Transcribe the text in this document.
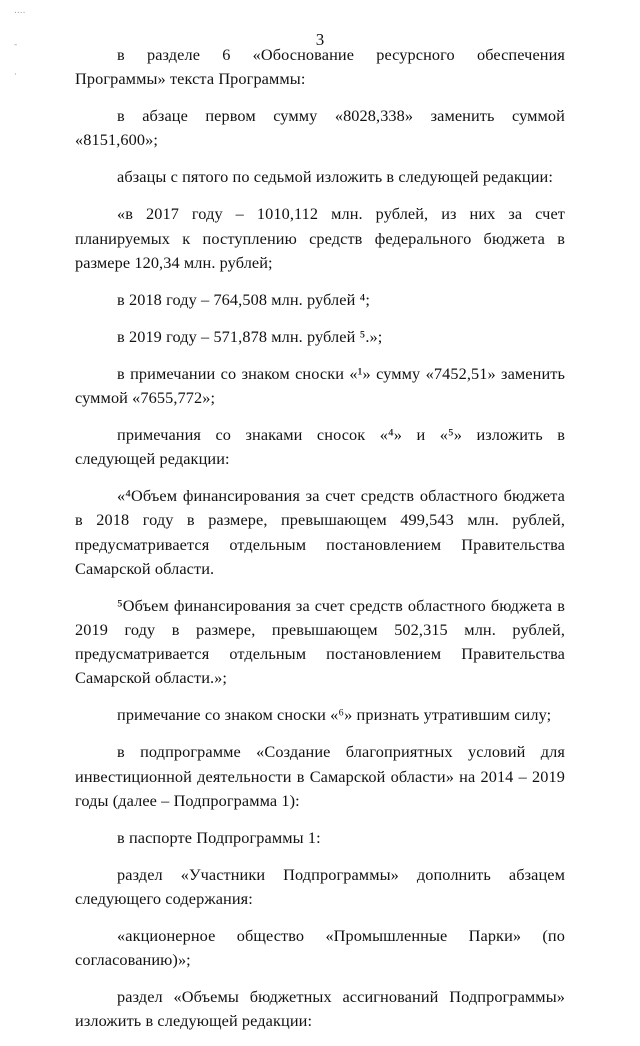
....
-
·
3

в разделе 6 «Обоснование ресурсного обеспечения Программы» текста Программы:

в абзаце первом сумму «8028,338» заменить суммой «8151,600»;

абзацы с пятого по седьмой изложить в следующей редакции:

«в 2017 году – 1010,112 млн. рублей, из них за счет планируемых к поступлению средств федерального бюджета в размере 120,34 млн. рублей;

в 2018 году – 764,508 млн. рублей ⁴;

в 2019 году – 571,878 млн. рублей ⁵.»;

в примечании со знаком сноски «¹» сумму «7452,51» заменить суммой «7655,772»;

примечания со знаками сносок «⁴» и «⁵» изложить в следующей редакции:

«⁴Объем финансирования за счет средств областного бюджета в 2018 году в размере, превышающем 499,543 млн. рублей, предусматривается отдельным постановлением Правительства Самарской области.

⁵Объем финансирования за счет средств областного бюджета в 2019 году в размере, превышающем 502,315 млн. рублей, предусматривается отдельным постановлением Правительства Самарской области.»;

примечание со знаком сноски «⁶» признать утратившим силу;

в подпрограмме «Создание благоприятных условий для инвестиционной деятельности в Самарской области» на 2014 – 2019 годы (далее – Подпрограмма 1):

в паспорте Подпрограммы 1:

раздел «Участники Подпрограммы» дополнить абзацем следующего содержания:

«акционерное общество «Промышленные Парки» (по согласованию)»;

раздел «Объемы бюджетных ассигнований Подпрограммы» изложить в следующей редакции:
